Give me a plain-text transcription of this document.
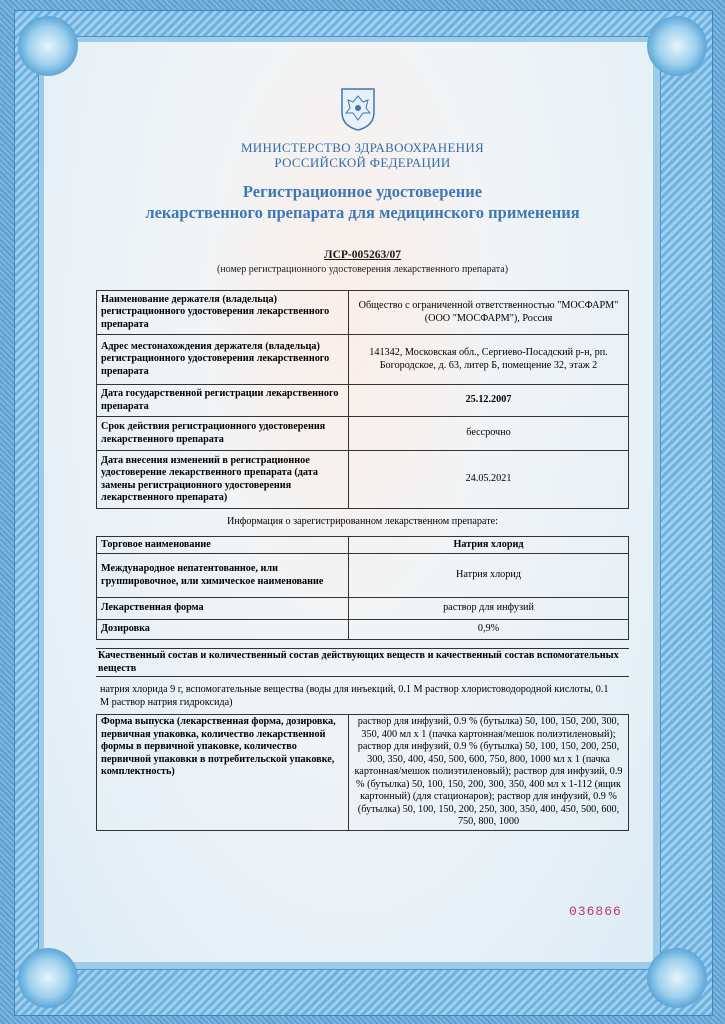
МИНИСТЕРСТВО ЗДРАВООХРАНЕНИЯ
РОССИЙСКОЙ ФЕДЕРАЦИИ
Регистрационное удостоверение
лекарственного препарата для медицинского применения
ЛСР-005263/07
(номер регистрационного удостоверения лекарственного препарата)
Наименование держателя (владельца) регистрационного удостоверения лекарственного препарата	Общество с ограниченной ответственностью "МОСФАРМ" (ООО "МОСФАРМ"), Россия
Адрес местонахождения держателя (владельца) регистрационного удостоверения лекарственного препарата	141342, Московская обл., Сергиево-Посадский р-н, рп. Богородское, д. 63, литер Б, помещение 32, этаж 2
Дата государственной регистрации лекарственного препарата	25.12.2007
Срок действия регистрационного удостоверения лекарственного препарата	бессрочно
Дата внесения изменений в регистрационное удостоверение лекарственного препарата (дата замены регистрационного удостоверения лекарственного препарата)	24.05.2021
Информация о зарегистрированном лекарственном препарате:
Торговое наименование	Натрия хлорид
Международное непатентованное, или группировочное, или химическое наименование	Натрия хлорид
Лекарственная форма	раствор для инфузий
Дозировка	0,9%
Качественный состав и количественный состав действующих веществ и качественный состав вспомогательных веществ
натрия хлорида 9 г, вспомогательные вещества (воды для инъекций, 0.1 М раствор хлористоводородной кислоты, 0.1 М раствор натрия гидроксида)
Форма выпуска (лекарственная форма, дозировка, первичная упаковка, количество лекарственной формы в первичной упаковке, количество первичной упаковки в потребительской упаковке, комплектность)	раствор для инфузий, 0.9 % (бутылка) 50, 100, 150, 200, 300, 350, 400 мл х 1 (пачка картонная/мешок полиэтиленовый); раствор для инфузий, 0.9 % (бутылка) 50, 100, 150, 200, 250, 300, 350, 400, 450, 500, 600, 750, 800, 1000 мл х 1 (пачка картонная/мешок полиэтиленовый); раствор для инфузий, 0.9 % (бутылка) 50, 100, 150, 200, 300, 350, 400 мл х 1-112 (ящик картонный) (для стационаров); раствор для инфузий, 0.9 % (бутылка) 50, 100, 150, 200, 250, 300, 350, 400, 450, 500, 600, 750, 800, 1000
036866
